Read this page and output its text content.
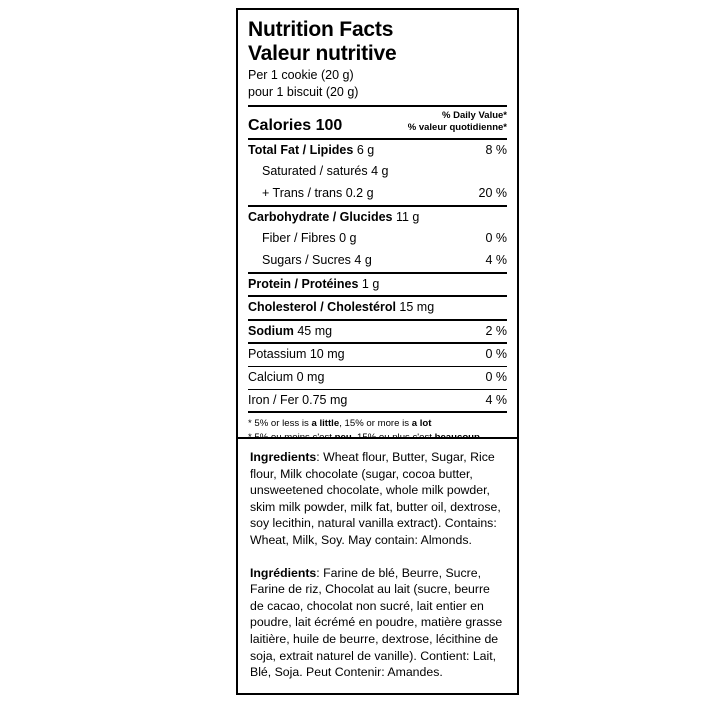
Nutrition Facts
Valeur nutritive
Per 1 cookie (20 g)
pour 1 biscuit (20 g)
Calories 100
% Daily Value*
% valeur quotidienne*
Total Fat / Lipides 6 g	8 %
Saturated / saturés 4 g
+ Trans / trans 0.2 g	20 %
Carbohydrate / Glucides 11 g
Fiber / Fibres 0 g	0 %
Sugars / Sucres 4 g	4 %
Protein / Protéines 1 g
Cholesterol / Cholestérol 15 mg
Sodium 45 mg	2 %
Potassium 10 mg	0 %
Calcium 0 mg	0 %
Iron / Fer 0.75 mg	4 %
* 5% or less is a little, 15% or more is a lot
Ingredients: Wheat flour, Butter, Sugar, Rice flour, Milk chocolate (sugar, cocoa butter, unsweetened chocolate, whole milk powder, skim milk powder, milk fat, butter oil, dextrose, soy lecithin, natural vanilla extract). Contains: Wheat, Milk, Soy. May contain: Almonds.
Ingrédients: Farine de blé, Beurre, Sucre, Farine de riz, Chocolat au lait (sucre, beurre de cacao, chocolat non sucré, lait entier en poudre, lait écrémé en poudre, matière grasse laitière, huile de beurre, dextrose, lécithine de soja, extrait naturel de vanille). Contient: Lait, Blé, Soja. Peut Contenir: Amandes.
